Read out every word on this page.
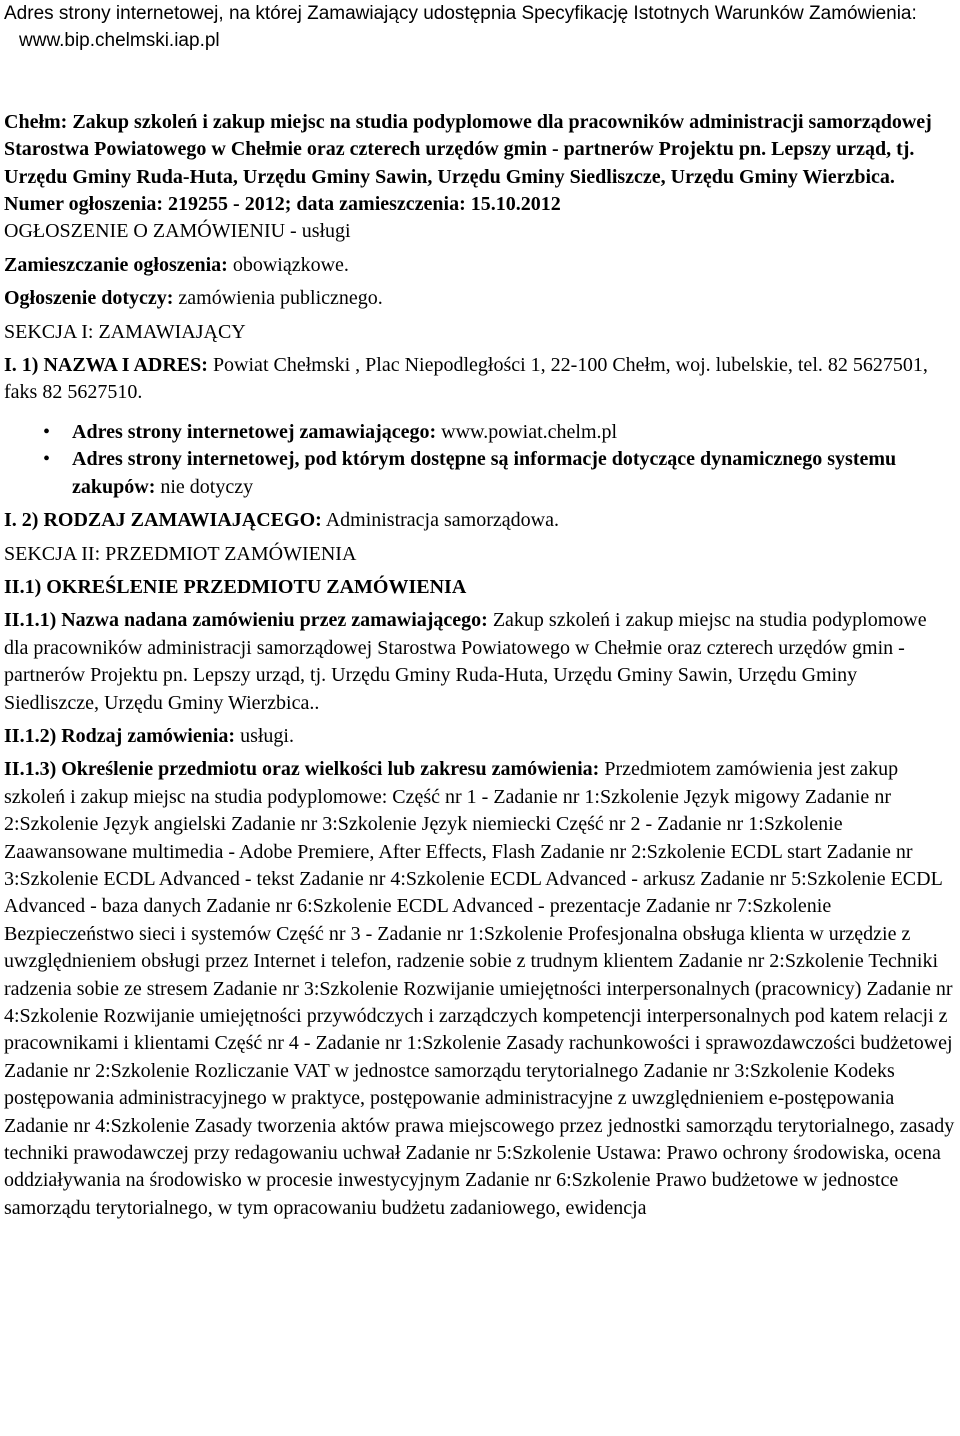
Adres strony internetowej, na której Zamawiający udostępnia Specyfikację Istotnych Warunków Zamówienia:

www.bip.chelmski.iap.pl

Chełm: Zakup szkoleń i zakup miejsc na studia podyplomowe dla pracowników administracji samorządowej Starostwa Powiatowego w Chełmie oraz czterech urzędów gmin - partnerów Projektu pn. Lepszy urząd, tj. Urzędu Gminy Ruda-Huta, Urzędu Gminy Sawin, Urzędu Gminy Siedliszcze, Urzędu Gminy Wierzbica.

Numer ogłoszenia: 219255 - 2012; data zamieszczenia: 15.10.2012

OGŁOSZENIE O ZAMÓWIENIU - usługi

Zamieszczanie ogłoszenia: obowiązkowe.

Ogłoszenie dotyczy: zamówienia publicznego.

SEKCJA I: ZAMAWIAJĄCY

I. 1) NAZWA I ADRES: Powiat Chełmski , Plac Niepodległości 1, 22-100 Chełm, woj. lubelskie, tel. 82 5627501, faks 82 5627510.

• Adres strony internetowej zamawiającego: www.powiat.chelm.pl
• Adres strony internetowej, pod którym dostępne są informacje dotyczące dynamicznego systemu zakupów: nie dotyczy

I. 2) RODZAJ ZAMAWIAJĄCEGO: Administracja samorządowa.

SEKCJA II: PRZEDMIOT ZAMÓWIENIA

II.1) OKREŚLENIE PRZEDMIOTU ZAMÓWIENIA

II.1.1) Nazwa nadana zamówieniu przez zamawiającego: Zakup szkoleń i zakup miejsc na studia podyplomowe dla pracowników administracji samorządowej Starostwa Powiatowego w Chełmie oraz czterech urzędów gmin - partnerów Projektu pn. Lepszy urząd, tj. Urzędu Gminy Ruda-Huta, Urzędu Gminy Sawin, Urzędu Gminy Siedliszcze, Urzędu Gminy Wierzbica..

II.1.2) Rodzaj zamówienia: usługi.

II.1.3) Określenie przedmiotu oraz wielkości lub zakresu zamówienia: Przedmiotem zamówienia jest zakup szkoleń i zakup miejsc na studia podyplomowe: Część nr 1 - Zadanie nr 1:Szkolenie Język migowy Zadanie nr 2:Szkolenie Język angielski Zadanie nr 3:Szkolenie Język niemiecki Część nr 2 - Zadanie nr 1:Szkolenie Zaawansowane multimedia - Adobe Premiere, After Effects, Flash Zadanie nr 2:Szkolenie ECDL start Zadanie nr 3:Szkolenie ECDL Advanced - tekst Zadanie nr 4:Szkolenie ECDL Advanced - arkusz Zadanie nr 5:Szkolenie ECDL Advanced - baza danych Zadanie nr 6:Szkolenie ECDL Advanced - prezentacje Zadanie nr 7:Szkolenie Bezpieczeństwo sieci i systemów Część nr 3 - Zadanie nr 1:Szkolenie Profesjonalna obsługa klienta w urzędzie z uwzględnieniem obsługi przez Internet i telefon, radzenie sobie z trudnym klientem Zadanie nr 2:Szkolenie Techniki radzenia sobie ze stresem Zadanie nr 3:Szkolenie Rozwijanie umiejętności interpersonalnych (pracownicy) Zadanie nr 4:Szkolenie Rozwijanie umiejętności przywódczych i zarządczych kompetencji interpersonalnych pod katem relacji z pracownikami i klientami Część nr 4 - Zadanie nr 1:Szkolenie Zasady rachunkowości i sprawozdawczości budżetowej Zadanie nr 2:Szkolenie Rozliczanie VAT w jednostce samorządu terytorialnego Zadanie nr 3:Szkolenie Kodeks postępowania administracyjnego w praktyce, postępowanie administracyjne z uwzględnieniem e-postępowania Zadanie nr 4:Szkolenie Zasady tworzenia aktów prawa miejscowego przez jednostki samorządu terytorialnego, zasady techniki prawodawczej przy redagowaniu uchwał Zadanie nr 5:Szkolenie Ustawa: Prawo ochrony środowiska, ocena oddziaływania na środowisko w procesie inwestycyjnym Zadanie nr 6:Szkolenie Prawo budżetowe w jednostce samorządu terytorialnego, w tym opracowaniu budżetu zadaniowego, ewidencja
